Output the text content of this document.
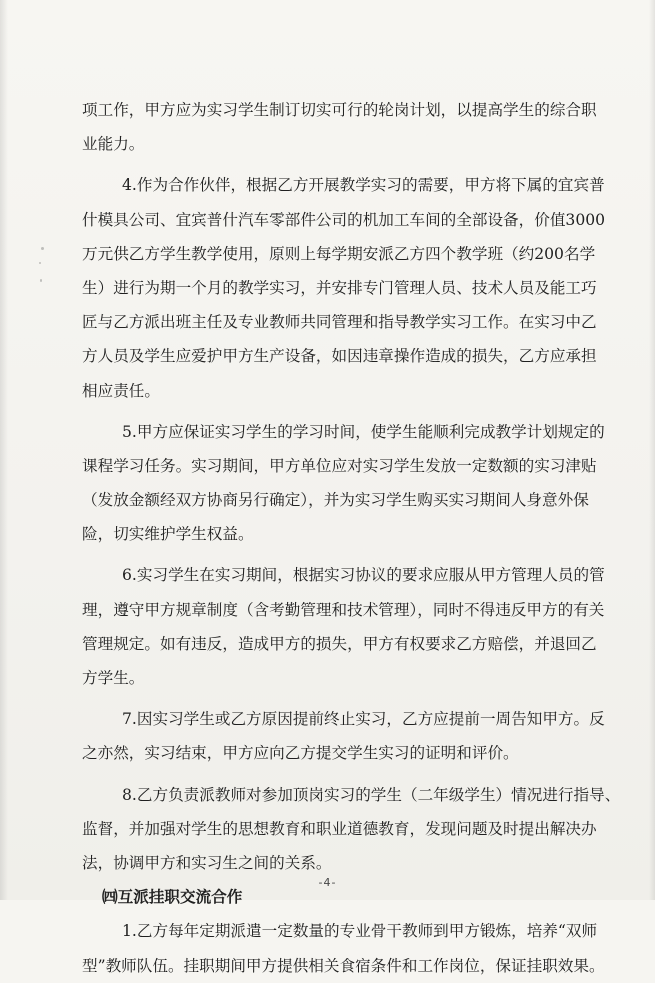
项工作，甲方应为实习学生制订切实可行的轮岗计划，以提高学生的综合职

业能力。

4.作为合作伙伴，根据乙方开展教学实习的需要，甲方将下属的宜宾普

什模具公司、宜宾普什汽车零部件公司的机加工车间的全部设备，价值3000

万元供乙方学生教学使用，原则上每学期安派乙方四个教学班（约200名学

生）进行为期一个月的教学实习，并安排专门管理人员、技术人员及能工巧

匠与乙方派出班主任及专业教师共同管理和指导教学实习工作。在实习中乙

方人员及学生应爱护甲方生产设备，如因违章操作造成的损失，乙方应承担

相应责任。

5.甲方应保证实习学生的学习时间，使学生能顺利完成教学计划规定的

课程学习任务。实习期间，甲方单位应对实习学生发放一定数额的实习津贴

（发放金额经双方协商另行确定），并为实习学生购买实习期间人身意外保

险，切实维护学生权益。

6.实习学生在实习期间，根据实习协议的要求应服从甲方管理人员的管

理，遵守甲方规章制度（含考勤管理和技术管理），同时不得违反甲方的有关

管理规定。如有违反，造成甲方的损失，甲方有权要求乙方赔偿，并退回乙

方学生。

7.因实习学生或乙方原因提前终止实习，乙方应提前一周告知甲方。反

之亦然，实习结束，甲方应向乙方提交学生实习的证明和评价。

8.乙方负责派教师对参加顶岗实习的学生（二年级学生）情况进行指导、

监督，并加强对学生的思想教育和职业道德教育，发现问题及时提出解决办

法，协调甲方和实习生之间的关系。

㈣互派挂职交流合作

1.乙方每年定期派遣一定数量的专业骨干教师到甲方锻炼，培养“双师

型”教师队伍。挂职期间甲方提供相关食宿条件和工作岗位，保证挂职效果。

-4-
